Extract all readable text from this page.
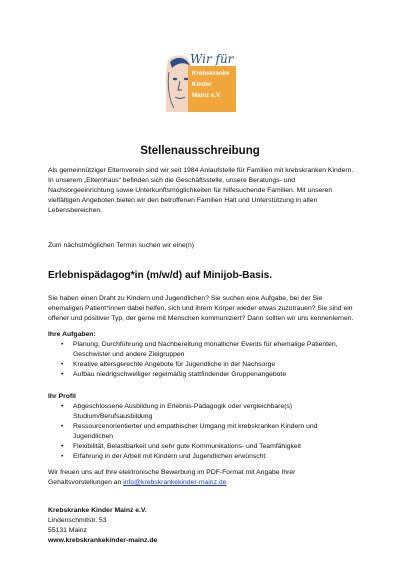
Wir für
Krebskranke
Kinder
Mainz e.V.
Stellenausschreibung
Als gemeinnütziger Elternverein sind wir seit 1984 Anlaufstelle für Familien mit krebskranken Kindern. In unserem „Elternhaus“ befinden sich die Geschäftsstelle, unsere Beratungs- und Nachsorgeeinrichtung sowie Unterkunftsmöglichkeiten für hilfesuchende Familien. Mit unseren vielfältigen Angeboten bieten wir den betroffenen Familien Halt und Unterstützung in allen Lebensbereichen.
Zum nächstmöglichen Termin suchen wir eine(n)
Erlebnispädagog*in (m/w/d) auf Minijob-Basis.
Sie haben einen Draht zu Kindern und Jugendlichen? Sie suchen eine Aufgabe, bei der Sie ehemaligen Patient*innen dabei helfen, sich und ihrem Körper wieder etwas zuzutrauen? Sie sind ein offener und positiver Typ, der gerne mit Menschen kommuniziert? Dann sollten wir uns kennenlernen.
Ihre Aufgaben:
• Planung, Durchführung und Nachbereitung monatlicher Events für ehemalige Patienten, Geschwister und andere Zielgruppen
• Kreative altersgerechte Angebote für Jugendliche in der Nachsorge
• Aufbau niedrigschwelliger regelmäßig stattfindender Gruppenangebote
Ihr Profil
• Abgeschlossene Ausbildung in Erlebnis-Pädagogik oder vergleichbare(s) Studium/Berufsausbildung
• Ressourcenorientierter und empathischer Umgang mit krebskranken Kindern und Jugendlichen
• Flexibilität, Belastbarkeit und sehr gute Kommunikations- und Teamfähigkeit
• Erfahrung in der Arbeit mit Kindern und Jugendlichen erwünscht
Wir freuen uns auf Ihre elektronische Bewerbung im PDF-Format mit Angabe Ihrer Gehaltsvorstellungen an info@krebskrankekinder-mainz.de
Krebskranke Kinder Mainz e.V.
Lindenschmitstr. 53
55131 Mainz
www.krebskrankekinder-mainz.de
